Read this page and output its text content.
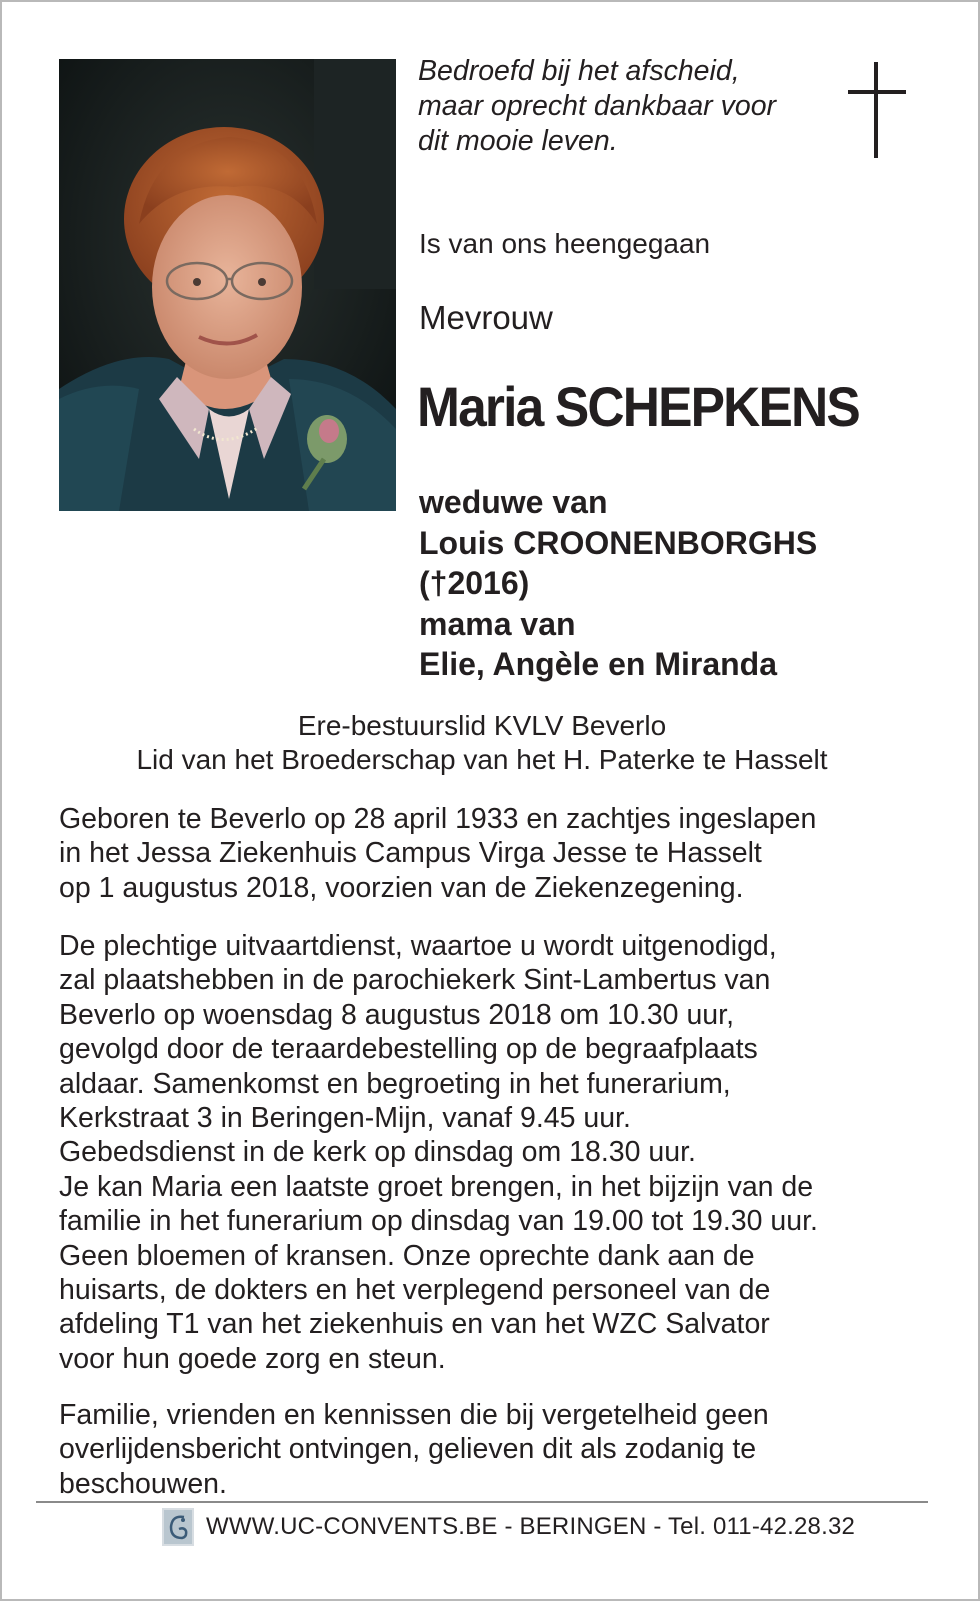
Bedroefd bij het afscheid,
maar oprecht dankbaar voor
dit mooie leven.
Is van ons heengegaan
Mevrouw
Maria SCHEPKENS
weduwe van
Louis CROONENBORGHS
(†2016)
mama van
Elie, Angèle en Miranda
Ere-bestuurslid KVLV Beverlo
Lid van het Broederschap van het H. Paterke te Hasselt
Geboren te Beverlo op 28 april 1933 en zachtjes ingeslapen
in het Jessa Ziekenhuis Campus Virga Jesse te Hasselt
op 1 augustus 2018, voorzien van de Ziekenzegening.
De plechtige uitvaartdienst, waartoe u wordt uitgenodigd,
zal plaatshebben in de parochiekerk Sint-Lambertus van
Beverlo op woensdag 8 augustus 2018 om 10.30 uur,
gevolgd door de teraardebestelling op de begraafplaats
aldaar. Samenkomst en begroeting in het funerarium,
Kerkstraat 3 in Beringen-Mijn, vanaf 9.45 uur.
Gebedsdienst in de kerk op dinsdag om 18.30 uur.
Je kan Maria een laatste groet brengen, in het bijzijn van de
familie in het funerarium op dinsdag van 19.00 tot 19.30 uur.
Geen bloemen of kransen. Onze oprechte dank aan de
huisarts, de dokters en het verplegend personeel van de
afdeling T1 van het ziekenhuis en van het WZC Salvator
voor hun goede zorg en steun.
Familie, vrienden en kennissen die bij vergetelheid geen
overlijdensbericht ontvingen, gelieven dit als zodanig te
beschouwen.
WWW.UC-CONVENTS.BE - BERINGEN - Tel. 011-42.28.32
